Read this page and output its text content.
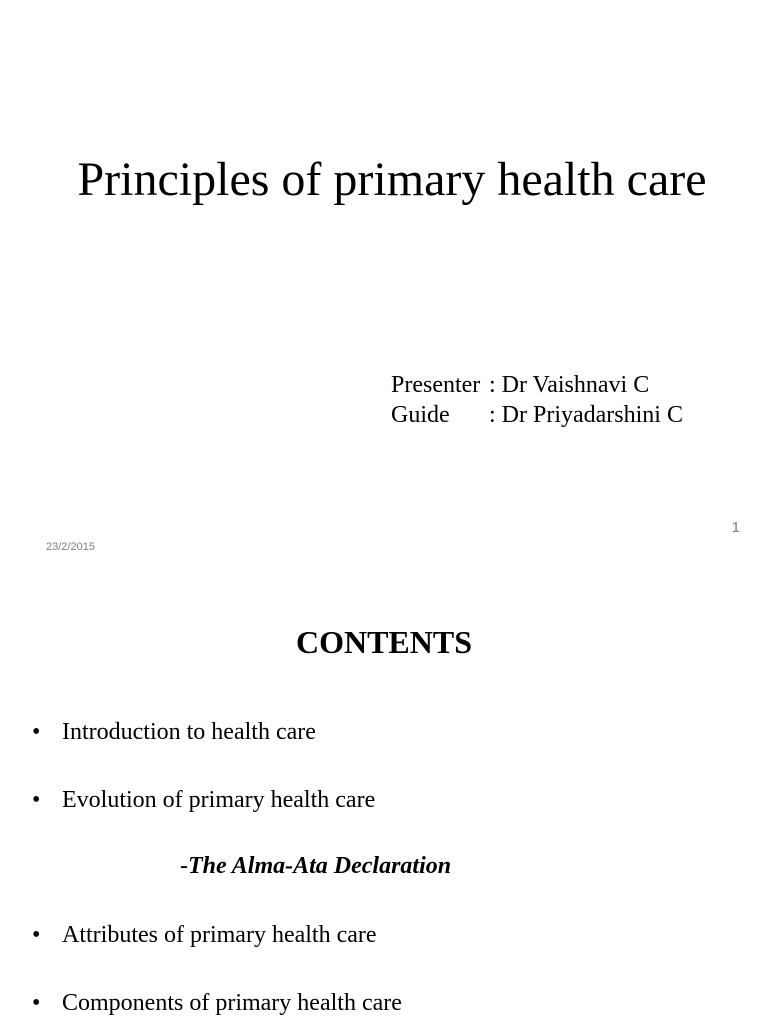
Principles of primary health care
Presenter : Dr Vaishnavi C
Guide	: Dr Priyadarshini C
23/2/2015
1
CONTENTS
• Introduction to health care
• Evolution of primary health care
-The Alma-Ata Declaration
• Attributes of primary health care
• Components of primary health care
